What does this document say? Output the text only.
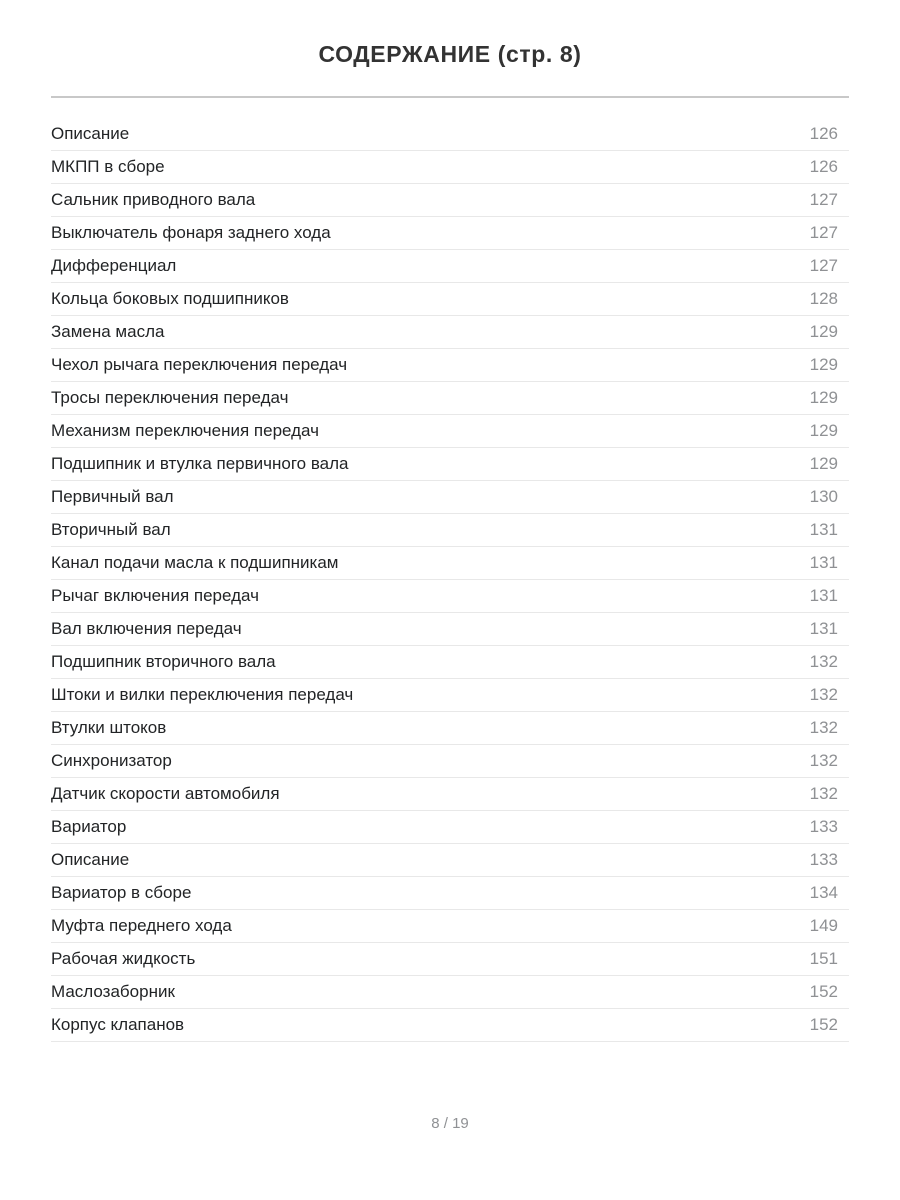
СОДЕРЖАНИЕ (стр. 8)
Описание	126
МКПП в сборе	126
Сальник приводного вала	127
Выключатель фонаря заднего хода	127
Дифференциал	127
Кольца боковых подшипников	128
Замена масла	129
Чехол рычага переключения передач	129
Тросы переключения передач	129
Механизм переключения передач	129
Подшипник и втулка первичного вала	129
Первичный вал	130
Вторичный вал	131
Канал подачи масла к подшипникам	131
Рычаг включения передач	131
Вал включения передач	131
Подшипник вторичного вала	132
Штоки и вилки переключения передач	132
Втулки штоков	132
Синхронизатор	132
Датчик скорости автомобиля	132
Вариатор	133
Описание	133
Вариатор в сборе	134
Муфта переднего хода	149
Рабочая жидкость	151
Маслозаборник	152
Корпус клапанов	152
8 / 19
